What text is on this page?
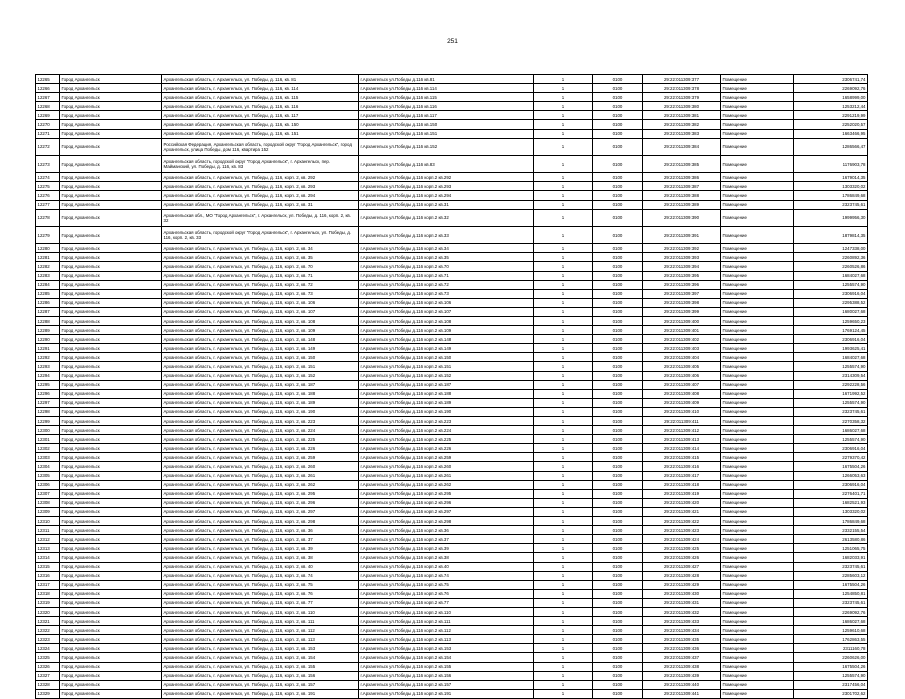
251
12265	Город Архангельск	Архангельская область, г. Архангельск, ул. Победы, д. 116, кв. 81	г.Архангельск ул.Победы д.116 кв.81	1	0100	29:22:011309:377	Помещение	2306741,74
12266	Город Архангельск	Архангельская область, г. Архангельск, ул. Победы, д. 116, кв. 114	г.Архангельск ул.Победы д.116 кв.114	1	0100	29:22:011309:378	Помещение	2269092,76
12267	Город Архангельск	Архангельская область, г. Архангельск, ул. Победы, д. 116, кв. 115	г.Архангельск ул.Победы д.116 кв.115	1	0100	29:22:011309:379	Помещение	1658999,00
12268	Город Архангельск	Архангельская область, г. Архангельск, ул. Победы, д. 116, кв. 116	г.Архангельск ул.Победы д.116 кв.116	1	0100	29:22:011309:380	Помещение	1253212,44
12269	Город Архангельск	Архангельская область, г. Архангельск, ул. Победы, д. 116, кв. 117	г.Архангельск ул.Победы д.116 кв.117	1	0100	29:22:011309:381	Помещение	2291219,99
12270	Город Архангельск	Архангельская область, г. Архангельск, ул. Победы, д. 116, кв. 150	г.Архангельск ул.Победы д.116 кв.150	1	0100	29:22:011309:382	Помещение	2252020,57
12271	Город Архангельск	Архангельская область, г. Архангельск, ул. Победы, д. 116, кв. 151	г.Архангельск ул.Победы д.116 кв.151	1	0100	29:22:011309:383	Помещение	1663466,95
12272	Город Архангельск	Российская Федерация, Архангельская область, городской округ "Город Архангельск", город Архангельск, улица Победы, дом 116, квартира 152	г.Архангельск ул.Победы д.116 кв.152	1	0100	29:22:011309:384	Помещение	1286566,47
12273	Город Архангельск	Архангельская область, городской округ "Город Архангельск", г. Архангельск, пер. Майманский, ул. Победы, д. 116, кв. 83	г.Архангельск ул.Победы д.116 кв.83	1	0100	29:22:011309:385	Помещение	1176903,78
12274	Город Архангельск	Архангельская область, г. Архангельск, ул. Победы, д. 116, корп. 2, кв. 292	г.Архангельск ул.Победы д.116 корп.2 кв.292	1	0100	29:22:011309:386	Помещение	1679014,35
12275	Город Архангельск	Архангельская область, г. Архангельск, ул. Победы, д. 116, корп. 2, кв. 293	г.Архангельск ул.Победы д.116 корп.2 кв.293	1	0100	29:22:011309:387	Помещение	1303320,02
12276	Город Архангельск	Архангельская область, г. Архангельск, ул. Победы, д. 116, корп. 2, кв. 294	г.Архангельск ул.Победы д.116 корп.2 кв.294	1	0100	29:22:011309:388	Помещение	1786849,68
12277	Город Архангельск	Архангельская область, г. Архангельск, ул. Победы, д. 116, корп. 2, кв. 31	г.Архангельск ул.Победы д.116 корп.2 кв.31	1	0100	29:22:011309:389	Помещение	2323745,61
12278	Город Архангельск	Архангельская обл., МО "Город Архангельск", г. Архангельск, ул. Победы, д. 116, корп. 2, кв. 32	г.Архангельск ул.Победы д.116 корп.2 кв.32	1	0100	29:22:011309:390	Помещение	1999956,30
12279	Город Архангельск	Архангельская область, городской округ "Город Архангельск", г. Архангельск, ул. Победы, д. 116, корп. 2, кв. 33	г.Архангельск ул.Победы д.116 корп.2 кв.33	1	0100	29:22:011309:391	Помещение	1879814,35
12280	Город Архангельск	Архангельская область, г. Архангельск, ул. Победы, д. 116, корп. 2, кв. 34	г.Архангельск ул.Победы д.116 корп.2 кв.34	1	0100	29:22:011309:392	Помещение	1247338,00
12281	Город Архангельск	Архангельская область, г. Архангельск, ул. Победы, д. 116, корп. 2, кв. 35	г.Архангельск ул.Победы д.116 корп.2 кв.35	1	0100	29:22:011309:393	Помещение	2260892,36
12282	Город Архангельск	Архангельская область, г. Архангельск, ул. Победы, д. 116, корп. 2, кв. 70	г.Архангельск ул.Победы д.116 корп.2 кв.70	1	0100	29:22:011309:394	Помещение	2260526,86
12283	Город Архангельск	Архангельская область, г. Архангельск, ул. Победы, д. 116, корп. 2, кв. 71	г.Архангельск ул.Победы д.116 корп.2 кв.71	1	0100	29:22:011309:395	Помещение	1684027,68
12284	Город Архангельск	Архангельская область, г. Архангельск, ул. Победы, д. 116, корп. 2, кв. 72	г.Архангельск ул.Победы д.116 корп.2 кв.72	1	0100	29:22:011309:396	Помещение	1255574,90
12285	Город Архангельск	Архангельская область, г. Архангельск, ул. Победы, д. 116, корп. 2, кв. 73	г.Архангельск ул.Победы д.116 корп.2 кв.73	1	0100	29:22:011309:397	Помещение	2306916,04
12286	Город Архангельск	Архангельская область, г. Архангельск, ул. Победы, д. 116, корп. 2, кв. 106	г.Архангельск ул.Победы д.116 корп.2 кв.106	1	0100	29:22:011309:398	Помещение	2295388,52
12287	Город Архангельск	Архангельская область, г. Архангельск, ул. Победы, д. 116, корп. 2, кв. 107	г.Архангельск ул.Победы д.116 корп.2 кв.107	1	0100	29:22:011309:399	Помещение	1680027,68
12288	Город Архангельск	Архангельская область, г. Архангельск, ул. Победы, д. 116, корп. 2, кв. 108	г.Архангельск ул.Победы д.116 корп.2 кв.108	1	0100	29:22:011309:400	Помещение	1259650,23
12289	Город Архангельск	Архангельская область, г. Архангельск, ул. Победы, д. 116, корп. 2, кв. 109	г.Архангельск ул.Победы д.116 корп.2 кв.109	1	0100	29:22:011309:401	Помещение	1769124,45
12290	Город Архангельск	Архангельская область, г. Архангельск, ул. Победы, д. 116, корп. 2, кв. 148	г.Архангельск ул.Победы д.116 корп.2 кв.148	1	0100	29:22:011309:402	Помещение	2306916,04
12291	Город Архангельск	Архангельская область, г. Архангельск, ул. Победы, д. 116, корп. 2, кв. 149	г.Архангельск ул.Победы д.116 корп.2 кв.149	1	0100	29:22:011309:403	Помещение	1993625,41
12292	Город Архангельск	Архангельская область, г. Архангельск, ул. Победы, д. 116, корп. 2, кв. 150	г.Архангельск ул.Победы д.116 корп.2 кв.150	1	0100	29:22:011309:404	Помещение	1684027,68
12293	Город Архангельск	Архангельская область, г. Архангельск, ул. Победы, д. 116, корп. 2, кв. 151	г.Архангельск ул.Победы д.116 корп.2 кв.151	1	0100	29:22:011309:405	Помещение	1255574,90
12294	Город Архангельск	Архангельская область, г. Архангельск, ул. Победы, д. 116, корп. 2, кв. 152	г.Архангельск ул.Победы д.116 корп.2 кв.152	1	0100	29:22:011309:406	Помещение	2314309,54
12295	Город Архангельск	Архангельская область, г. Архангельск, ул. Победы, д. 116, корп. 2, кв. 187	г.Архангельск ул.Победы д.116 корп.2 кв.187	1	0100	29:22:011309:407	Помещение	2292228,56
12296	Город Архангельск	Архангельская область, г. Архангельск, ул. Победы, д. 116, корп. 2, кв. 188	г.Архангельск ул.Победы д.116 корп.2 кв.188	1	0100	29:22:011309:408	Помещение	1671992,52
12297	Город Архангельск	Архангельская область, г. Архангельск, ул. Победы, д. 116, корп. 2, кв. 189	г.Архангельск ул.Победы д.116 корп.2 кв.189	1	0100	29:22:011309:409	Помещение	1255574,90
12298	Город Архангельск	Архангельская область, г. Архангельск, ул. Победы, д. 116, корп. 2, кв. 190	г.Архангельск ул.Победы д.116 корп.2 кв.190	1	0100	29:22:011309:410	Помещение	2323745,61
12299	Город Архангельск	Архангельская область, г. Архангельск, ул. Победы, д. 116, корп. 2, кв. 223	г.Архангельск ул.Победы д.116 корп.2 кв.223	1	0100	29:22:011309:411	Помещение	2270358,32
12300	Город Архангельск	Архангельская область, г. Архангельск, ул. Победы, д. 116, корп. 2, кв. 224	г.Архангельск ул.Победы д.116 корп.2 кв.224	1	0100	29:22:011309:412	Помещение	1686027,68
12301	Город Архангельск	Архангельская область, г. Архангельск, ул. Победы, д. 116, корп. 2, кв. 225	г.Архангельск ул.Победы д.116 корп.2 кв.225	1	0100	29:22:011309:413	Помещение	1255574,90
12302	Город Архангельск	Архангельская область, г. Архангельск, ул. Победы, д. 116, корп. 2, кв. 226	г.Архангельск ул.Победы д.116 корп.2 кв.226	1	0100	29:22:011309:414	Помещение	2306916,04
12303	Город Архангельск	Архангельская область, г. Архангельск, ул. Победы, д. 116, корп. 2, кв. 259	г.Архангельск ул.Победы д.116 корп.2 кв.259	1	0100	29:22:011309:415	Помещение	2279370,42
12304	Город Архангельск	Архангельская область, г. Архангельск, ул. Победы, д. 116, корп. 2, кв. 260	г.Архангельск ул.Победы д.116 корп.2 кв.260	1	0100	29:22:011309:416	Помещение	1675504,26
12305	Город Архангельск	Архангельская область, г. Архангельск, ул. Победы, д. 116, корп. 2, кв. 261	г.Архангельск ул.Победы д.116 корп.2 кв.261	1	0100	29:22:011309:417	Помещение	1266053,63
12306	Город Архангельск	Архангельская область, г. Архангельск, ул. Победы, д. 116, корп. 2, кв. 262	г.Архангельск ул.Победы д.116 корп.2 кв.262	1	0100	29:22:011309:418	Помещение	2306916,04
12307	Город Архангельск	Архангельская область, г. Архангельск, ул. Победы, д. 116, корп. 2, кв. 295	г.Архангельск ул.Победы д.116 корп.2 кв.295	1	0100	29:22:011309:419	Помещение	2276401,71
12308	Город Архангельск	Архангельская область, г. Архангельск, ул. Победы, д. 116, корп. 2, кв. 296	г.Архангельск ул.Победы д.116 корп.2 кв.296	1	0100	29:22:011309:420	Помещение	1682521,93
12309	Город Архангельск	Архангельская область, г. Архангельск, ул. Победы, д. 116, корп. 2, кв. 297	г.Архангельск ул.Победы д.116 корп.2 кв.297	1	0100	29:22:011309:421	Помещение	1303320,02
12310	Город Архангельск	Архангельская область, г. Архангельск, ул. Победы, д. 116, корп. 2, кв. 298	г.Архангельск ул.Победы д.116 корп.2 кв.298	1	0100	29:22:011309:422	Помещение	1786849,68
12311	Город Архангельск	Архангельская область, г. Архангельск, ул. Победы, д. 116, корп. 2, кв. 36	г.Архангельск ул.Победы д.116 корп.2 кв.36	1	0100	29:22:011309:423	Помещение	2332155,54
12312	Город Архангельск	Архангельская область, г. Архангельск, ул. Победы, д. 116, корп. 2, кв. 37	г.Архангельск ул.Победы д.116 корп.2 кв.37	1	0100	29:22:011309:424	Помещение	2613580,86
12313	Город Архангельск	Архангельская область, г. Архангельск, ул. Победы, д. 116, корп. 2, кв. 39	г.Архангельск ул.Победы д.116 корп.2 кв.39	1	0100	29:22:011309:425	Помещение	1251065,75
12314	Город Архангельск	Архангельская область, г. Архангельск, ул. Победы, д. 116, корп. 2, кв. 38	г.Архангельск ул.Победы д.116 корп.2 кв.38	1	0100	29:22:011309:426	Помещение	1682033,91
12315	Город Архангельск	Архангельская область, г. Архангельск, ул. Победы, д. 116, корп. 2, кв. 40	г.Архангельск ул.Победы д.116 корп.2 кв.40	1	0100	29:22:011309:427	Помещение	2323745,61
12316	Город Архангельск	Архангельская область, г. Архангельск, ул. Победы, д. 116, корп. 2, кв. 74	г.Архангельск ул.Победы д.116 корп.2 кв.74	1	0100	29:22:011309:428	Помещение	2285603,12
12317	Город Архангельск	Архангельская область, г. Архангельск, ул. Победы, д. 116, корп. 2, кв. 75	г.Архангельск ул.Победы д.116 корп.2 кв.75	1	0100	29:22:011309:429	Помещение	1675504,26
12318	Город Архангельск	Архангельская область, г. Архангельск, ул. Победы, д. 116, корп. 2, кв. 76	г.Архангельск ул.Победы д.116 корп.2 кв.76	1	0100	29:22:011309:430	Помещение	1254850,81
12319	Город Архангельск	Архангельская область, г. Архангельск, ул. Победы, д. 116, корп. 2, кв. 77	г.Архангельск ул.Победы д.116 корп.2 кв.77	1	0100	29:22:011309:431	Помещение	2323745,61
12320	Город Архангельск	Архангельская область, г. Архангельск, ул. Победы, д. 116, корп. 2, кв. 110	г.Архангельск ул.Победы д.116 корп.2 кв.110	1	0100	29:22:011309:432	Помещение	2269092,76
12321	Город Архангельск	Архангельская область, г. Архангельск, ул. Победы, д. 116, корп. 2, кв. 111	г.Архангельск ул.Победы д.116 корп.2 кв.111	1	0100	29:22:011309:433	Помещение	1686027,68
12322	Город Архангельск	Архангельская область, г. Архангельск, ул. Победы, д. 116, корп. 2, кв. 112	г.Архангельск ул.Победы д.116 корп.2 кв.112	1	0100	29:22:011309:434	Помещение	1259610,68
12323	Город Архангельск	Архангельская область, г. Архангельск, ул. Победы, д. 116, корп. 2, кв. 113	г.Архангельск ул.Победы д.116 корп.2 кв.113	1	0100	29:22:011309:435	Помещение	1762863,55
12324	Город Архангельск	Архангельская область, г. Архангельск, ул. Победы, д. 116, корп. 2, кв. 153	г.Архангельск ул.Победы д.116 корп.2 кв.153	1	0100	29:22:011309:436	Помещение	2311160,78
12325	Город Архангельск	Архангельская область, г. Архангельск, ул. Победы, д. 116, корп. 2, кв. 154	г.Архангельск ул.Победы д.116 корп.2 кв.154	1	0100	29:22:011309:437	Помещение	2260626,00
12326	Город Архангельск	Архангельская область, г. Архангельск, ул. Победы, д. 116, корп. 2, кв. 155	г.Архангельск ул.Победы д.116 корп.2 кв.155	1	0100	29:22:011309:438	Помещение	1675504,26
12327	Город Архангельск	Архангельская область, г. Архангельск, ул. Победы, д. 116, корп. 2, кв. 156	г.Архангельск ул.Победы д.116 корп.2 кв.156	1	0100	29:22:011309:439	Помещение	1255574,90
12328	Город Архангельск	Архангельская область, г. Архангельск, ул. Победы, д. 116, корп. 2, кв. 157	г.Архангельск ул.Победы д.116 корп.2 кв.157	1	0100	29:22:011309:440	Помещение	2317456,04
12329	Город Архангельск	Архангельская область, г. Архангельск, ул. Победы, д. 116, корп. 2, кв. 191	г.Архангельск ул.Победы д.116 корп.2 кв.191	1	0100	29:22:011309:441	Помещение	2301702,62
